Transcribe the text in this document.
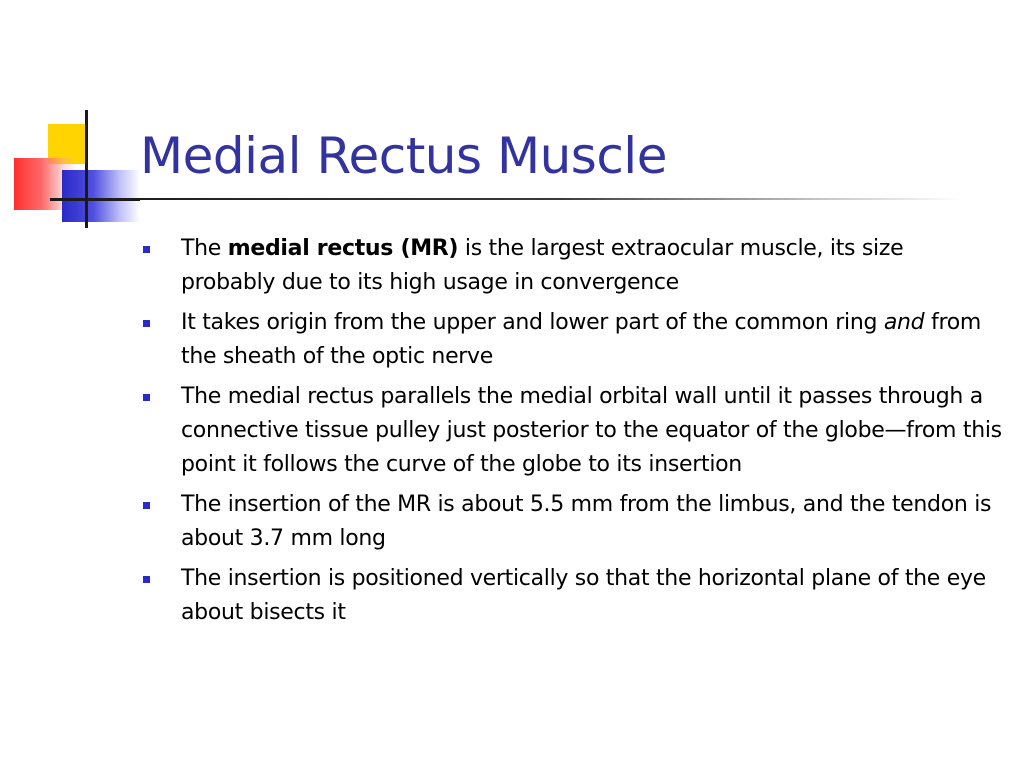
Medial Rectus Muscle
The medial rectus (MR) is the largest extraocular muscle, its size probably due to its high usage in convergence
It takes origin from the upper and lower part of the common ring and from the sheath of the optic nerve
The medial rectus parallels the medial orbital wall until it passes through a connective tissue pulley just posterior to the equator of the globe—from this point it follows the curve of the globe to its insertion
The insertion of the MR is about 5.5 mm from the limbus, and the tendon is about 3.7 mm long
The insertion is positioned vertically so that the horizontal plane of the eye about bisects it
